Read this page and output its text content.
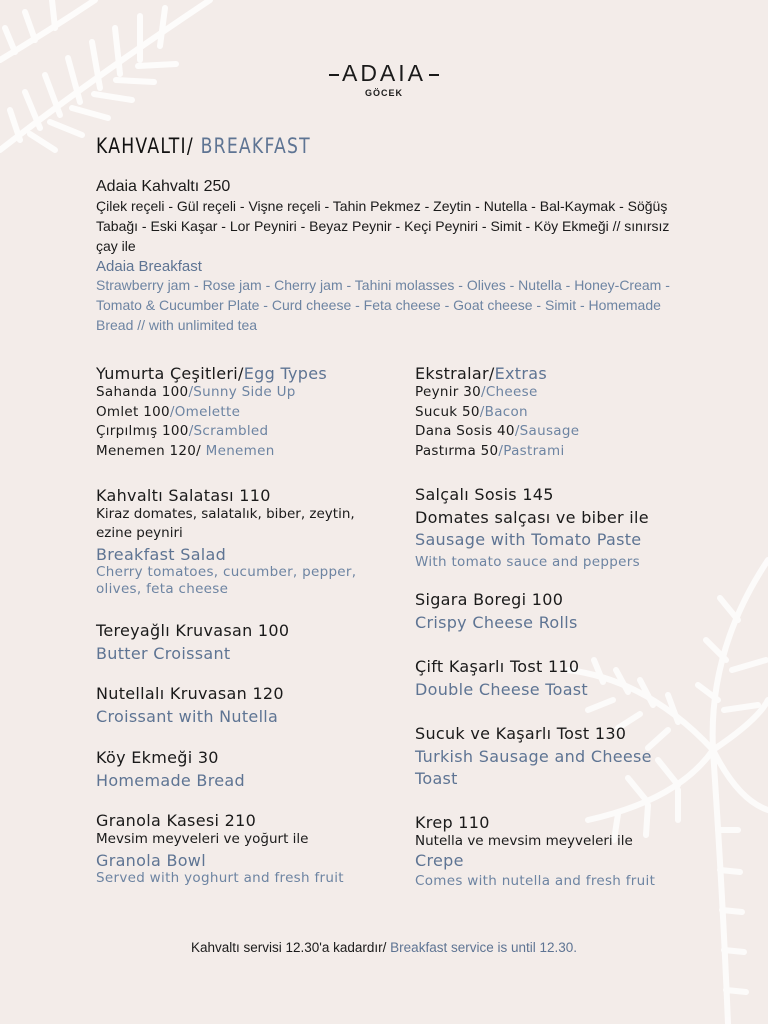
ADAIA
GÖCEK
KAHVALTI/ BREAKFAST
Adaia Kahvaltı 250
Çilek reçeli - Gül reçeli - Vişne reçeli - Tahin Pekmez - Zeytin - Nutella - Bal-Kaymak - Söğüş Tabağı - Eski Kaşar - Lor Peyniri - Beyaz Peynir - Keçi Peyniri - Simit - Köy Ekmeği // sınırsız çay ile
Adaia Breakfast
Strawberry jam - Rose jam - Cherry jam - Tahini molasses - Olives - Nutella - Honey-Cream - Tomato & Cucumber Plate - Curd cheese - Feta cheese - Goat cheese - Simit - Homemade Bread // with unlimited tea
Yumurta Çeşitleri/Egg Types
Sahanda 100/Sunny Side Up
Omlet 100/Omelette
Çırpılmış 100/Scrambled
Menemen 120/ Menemen
Kahvaltı Salatası 110
Kiraz domates, salatalık, biber, zeytin, ezine peyniri
Breakfast Salad
Cherry tomatoes, cucumber, pepper, olives, feta cheese
Tereyağlı Kruvasan 100
Butter Croissant
Nutellalı Kruvasan 120
Croissant with Nutella
Köy Ekmeği 30
Homemade Bread
Granola Kasesi 210
Mevsim meyveleri ve yoğurt ile
Granola Bowl
Served with yoghurt and fresh fruit
Ekstralar/Extras
Peynir 30/Cheese
Sucuk 50/Bacon
Dana Sosis 40/Sausage
Pastırma 50/Pastrami
Salçalı Sosis 145
Domates salçası ve biber ile
Sausage with Tomato Paste
With tomato sauce and peppers
Sigara Boregi 100
Crispy Cheese Rolls
Çift Kaşarlı Tost 110
Double Cheese Toast
Sucuk ve Kaşarlı Tost 130
Turkish Sausage and Cheese Toast
Krep 110
Nutella ve mevsim meyveleri ile
Crepe
Comes with nutella and fresh fruit
Kahvaltı servisi 12.30'a kadardır/ Breakfast service is until 12.30.
